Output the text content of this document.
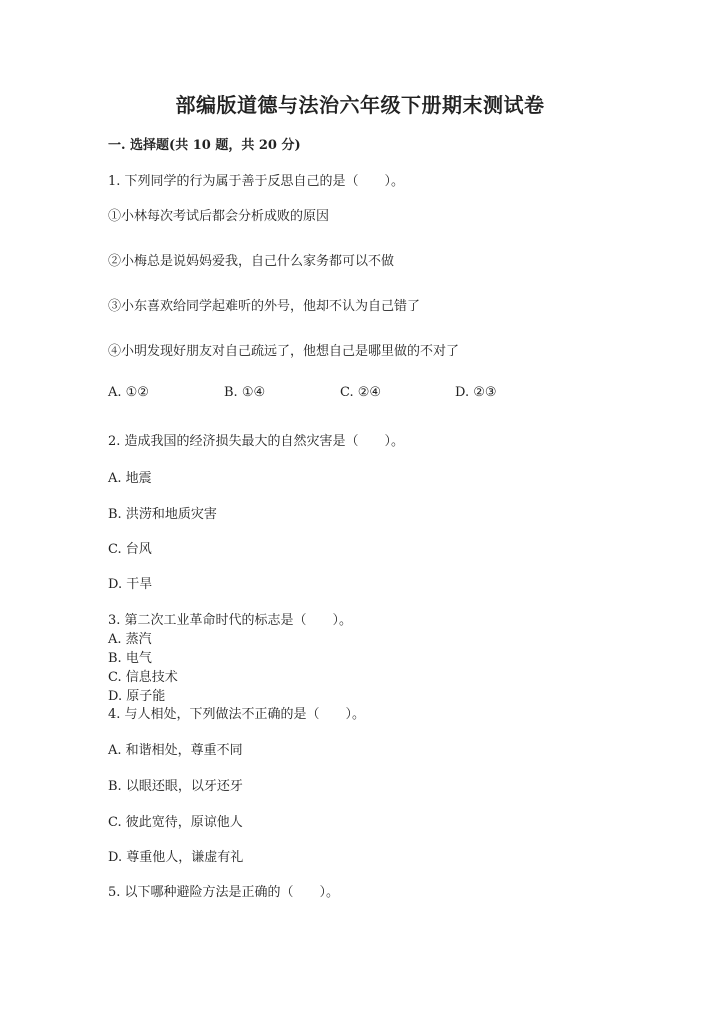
部编版道德与法治六年级下册期末测试卷
一. 选择题(共 10 题，共 20 分)
1. 下列同学的行为属于善于反思自己的是（　　）。
①小林每次考试后都会分析成败的原因
②小梅总是说妈妈爱我，自己什么家务都可以不做
③小东喜欢给同学起难听的外号，他却不认为自己错了
④小明发现好朋友对自己疏远了，他想自己是哪里做的不对了
A. ①②	B. ①④	C. ②④	D. ②③
2. 造成我国的经济损失最大的自然灾害是（　　）。
A. 地震
B. 洪涝和地质灾害
C. 台风
D. 干旱
3. 第二次工业革命时代的标志是（　　）。
A. 蒸汽
B. 电气
C. 信息技术
D. 原子能
4. 与人相处，下列做法不正确的是（　　）。
A. 和谐相处，尊重不同
B. 以眼还眼，以牙还牙
C. 彼此宽待，原谅他人
D. 尊重他人，谦虚有礼
5. 以下哪种避险方法是正确的（　　）。
